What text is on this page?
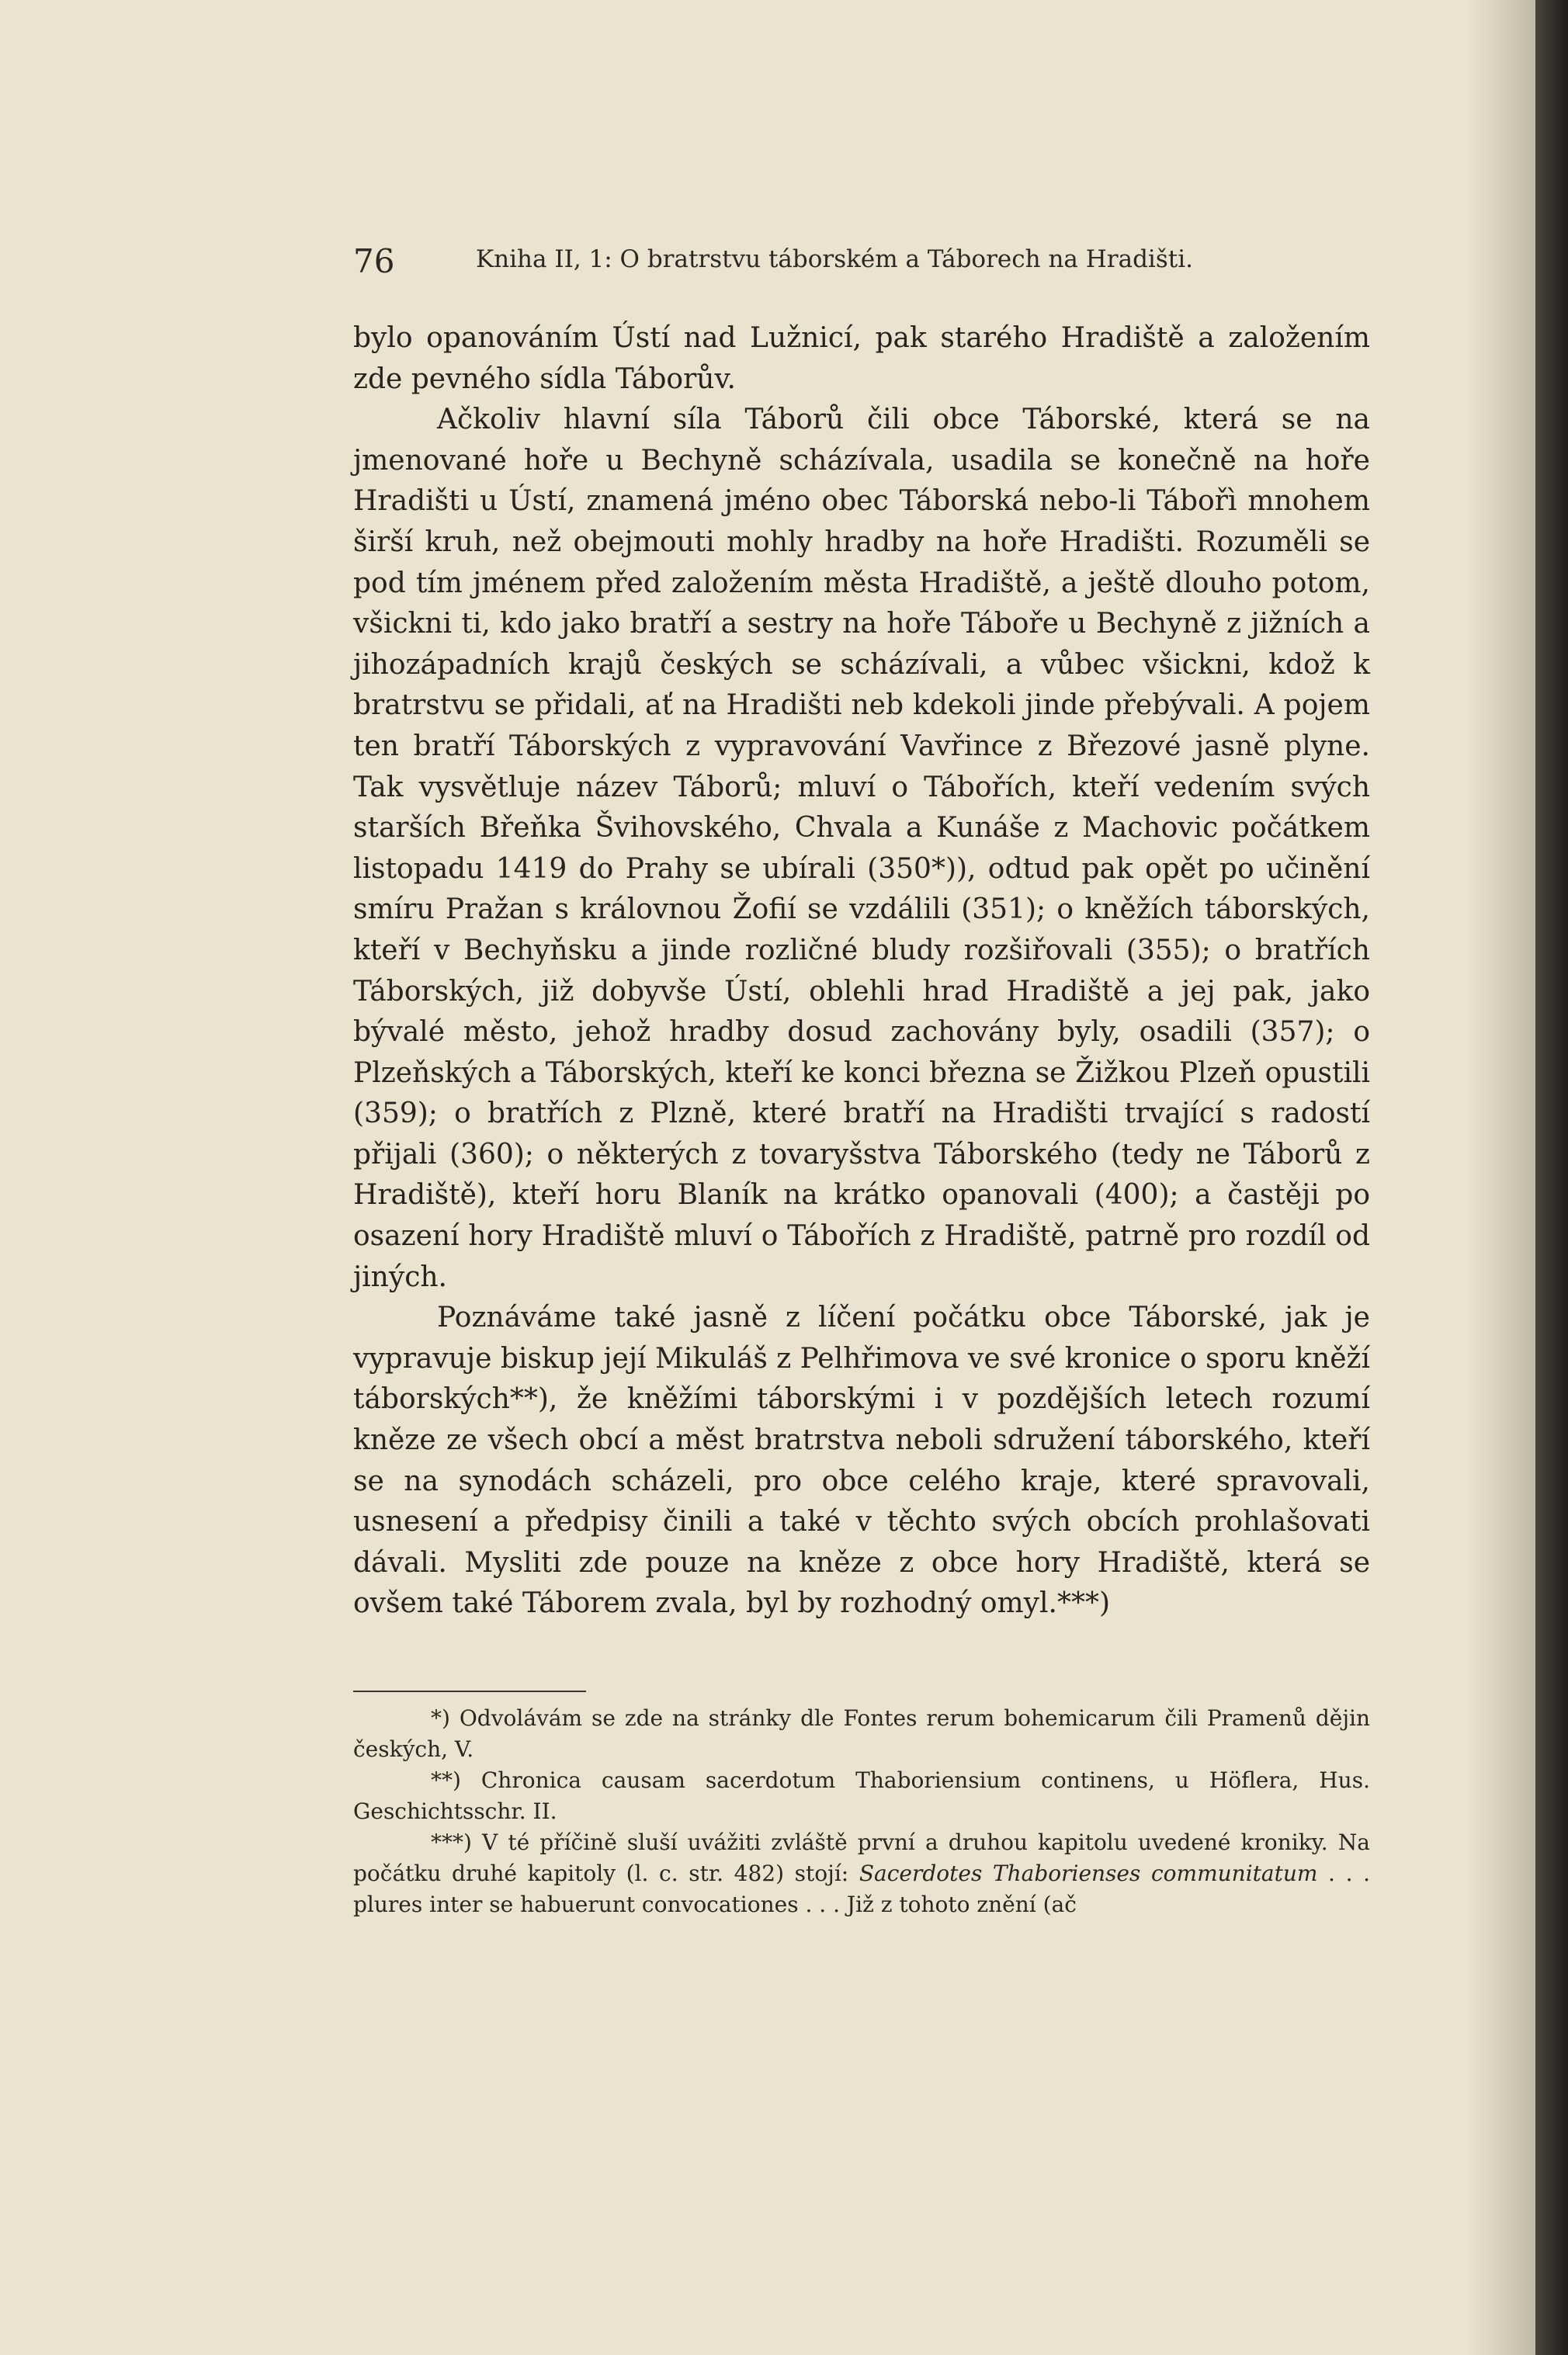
76	Kniha II, 1: O bratrstvu táborském a Táborech na Hradišti.

bylo opanováním Ústí nad Lužnicí, pak starého Hradiště a založením zde pevného sídla Táborův.

Ačkoliv hlavní síla Táborů čili obce Táborské, která se na jmenované hoře u Bechyně scházívala, usadila se konečně na hoře Hradišti u Ústí, znamená jméno obec Táborská nebo-li Tábořì mnohem širší kruh, než obejmouti mohly hradby na hoře Hradišti. Rozuměli se pod tím jménem před založením města Hradiště, a ještě dlouho potom, všickni ti, kdo jako bratří a sestry na hoře Táboře u Bechyně z jižních a jihozápadních krajů českých se scházívali, a vůbec všickni, kdož k bratrstvu se přidali, ať na Hradišti neb kdekoli jinde přebývali. A pojem ten bratří Táborských z vypravování Vavřince z Březové jasně plyne. Tak vysvětluje název Táborů; mluví o Tábořích, kteří vedením svých starších Břeňka Švihovského, Chvala a Kunáše z Machovic počátkem listopadu 1419 do Prahy se ubírali (350*)), odtud pak opět po učinění smíru Pražan s královnou Žofií se vzdálili (351); o kněžích táborských, kteří v Bechyňsku a jinde rozličné bludy rozšiřovali (355); o bratřích Táborských, již dobyvše Ústí, oblehli hrad Hradiště a jej pak, jako bývalé město, jehož hradby dosud zachovány byly, osadili (357); o Plzeňských a Táborských, kteří ke konci března se Žižkou Plzeň opustili (359); o bratřích z Plzně, které bratří na Hradišti trvající s radostí přijali (360); o některých z tovaryšstva Táborského (tedy ne Táborů z Hradiště), kteří horu Blaník na krátko opanovali (400); a častěji po osazení hory Hradiště mluví o Tábořích z Hradiště, patrně pro rozdíl od jiných.

Poznáváme také jasně z líčení počátku obce Táborské, jak je vypravuje biskup její Mikuláš z Pelhřimova ve své kronice o sporu kněží táborských**), že kněžími táborskými i v pozdějších letech rozumí kněze ze všech obcí a měst bratrstva neboli sdružení táborského, kteří se na synodách scházeli, pro obce celého kraje, které spravovali, usnesení a předpisy činili a také v těchto svých obcích prohlašovati dávali. Mysliti zde pouze na kněze z obce hory Hradiště, která se ovšem také Táborem zvala, byl by rozhodný omyl.***)

*) Odvolávám se zde na stránky dle Fontes rerum bohemicarum čili Pramenů dějin českých, V.

**) Chronica causam sacerdotum Thaboriensium continens, u Höflera, Hus. Geschichtsschr. II.

***) V té příčině sluší uvážiti zvláště první a druhou kapitolu uvedené kroniky. Na počátku druhé kapitoly (l. c. str. 482) stojí: Sacerdotes Thaborienses communitatum . . . plures inter se habuerunt convocationes . . . Již z tohoto znění (ač
